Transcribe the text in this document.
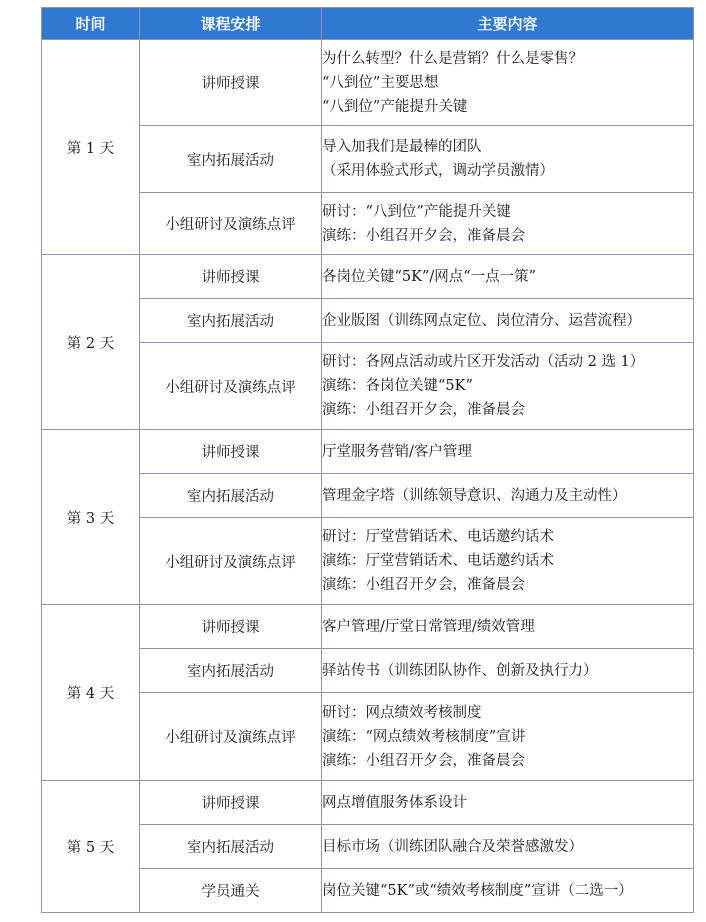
时间	课程安排	主要内容
第 1 天	讲师授课	为什么转型？什么是营销？什么是零售？
“八到位”主要思想
“八到位”产能提升关键

	室内拓展活动	导入加我们是最棒的团队
（采用体验式形式，调动学员激情）

	小组研讨及演练点评	研讨：“八到位”产能提升关键
演练：小组召开夕会，准备晨会

第 2 天	讲师授课	各岗位关键“5K”/网点“一点一策”

	室内拓展活动	企业版图（训练网点定位、岗位清分、运营流程）

	小组研讨及演练点评	研讨：各网点活动或片区开发活动（活动 2 选 1）
演练：各岗位关键“5K”
演练：小组召开夕会，准备晨会

第 3 天	讲师授课	厅堂服务营销/客户管理

	室内拓展活动	管理金字塔（训练领导意识、沟通力及主动性）

	小组研讨及演练点评	研讨：厅堂营销话术、电话邀约话术
演练：厅堂营销话术、电话邀约话术
演练：小组召开夕会，准备晨会

第 4 天	讲师授课	客户管理/厅堂日常管理/绩效管理

	室内拓展活动	驿站传书（训练团队协作、创新及执行力）

	小组研讨及演练点评	研讨：网点绩效考核制度
演练：“网点绩效考核制度”宣讲
演练：小组召开夕会，准备晨会

第 5 天	讲师授课	网点增值服务体系设计

	室内拓展活动	目标市场（训练团队融合及荣誉感激发）

	学员通关	岗位关键“5K”或“绩效考核制度”宣讲（二选一）
